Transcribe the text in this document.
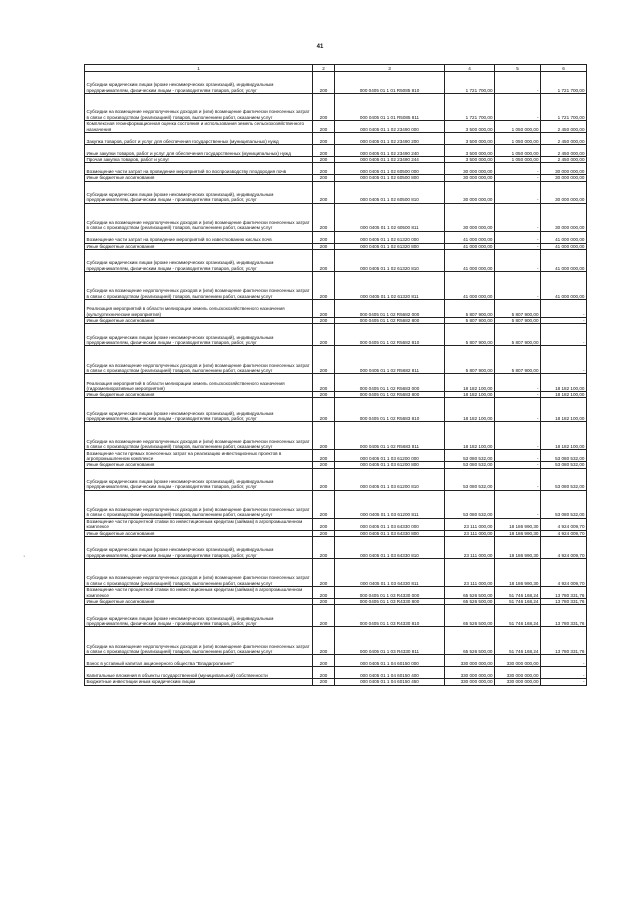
41
1	2	3	4	5	6
Субсидии юридическим лицам (кроме некоммерческих организаций), индивидуальным предпринимателям, физическим лицам - производителям товаров, работ, услуг	200	000 0405 01 1 01 R5085 810	1 721 700,00	-	1 721 700,00
Субсидии на возмещение недополученных доходов и (или) возмещение фактически понесенных затрат в связи с производством (реализацией) товаров, выполнением работ, оказанием услуг	200	000 0405 01 1 01 R5085 811	1 721 700,00	-	1 721 700,00
Комплексная геоинформационная оценка состояния и использования земель сельскохозяйственного назначения	200	000 0405 01 1 02 23490 000	3 500 000,00	1 050 000,00	2 450 000,00
Закупка товаров, работ и услуг для обеспечения государственных (муниципальных) нужд	200	000 0405 01 1 02 23490 200	3 500 000,00	1 050 000,00	2 450 000,00
Иные закупки товаров, работ и услуг для обеспечения государственных (муниципальных) нужд	200	000 0405 01 1 02 23490 240	3 500 000,00	1 050 000,00	2 450 000,00
Прочая закупка товаров, работ и услуг	200	000 0405 01 1 02 23490 244	3 500 000,00	1 050 000,00	2 450 000,00
Возмещение части затрат на проведение мероприятий по воспроизводству плодородия почв	200	000 0405 01 1 02 60500 000	30 000 000,00	-	30 000 000,00
Иные бюджетные ассигнования	200	000 0405 01 1 02 60500 800	30 000 000,00	-	30 000 000,00
Субсидии юридическим лицам (кроме некоммерческих организаций), индивидуальным предпринимателям, физическим лицам - производителям товаров, работ, услуг	200	000 0405 01 1 02 60500 810	30 000 000,00	-	30 000 000,00
Субсидии на возмещение недополученных доходов и (или) возмещение фактически понесенных затрат в связи с производством (реализацией) товаров, выполнением работ, оказанием услуг	200	000 0405 01 1 02 60500 811	30 000 000,00	-	30 000 000,00
Возмещение части затрат на проведение мероприятий по известкованию кислых почв	200	000 0405 01 1 02 61320 000	41 000 000,00	-	41 000 000,00
Иные бюджетные ассигнования	200	000 0405 01 1 02 61320 800	41 000 000,00	-	41 000 000,00
Субсидии юридическим лицам (кроме некоммерческих организаций), индивидуальным предпринимателям, физическим лицам - производителям товаров, работ, услуг	200	000 0405 01 1 02 61320 810	41 000 000,00	-	41 000 000,00
Субсидии на возмещение недополученных доходов и (или) возмещение фактически понесенных затрат в связи с производством (реализацией) товаров, выполнением работ, оказанием услуг	200	000 0405 01 1 02 61320 811	41 000 000,00	-	41 000 000,00
Реализация мероприятий в области мелиорации земель сельскохозяйственного назначения (культуртехнические мероприятия)	200	000 0405 01 1 02 R5682 000	5 807 900,00	5 807 900,00	-
Иные бюджетные ассигнования	200	000 0405 01 1 02 R5682 800	5 807 900,00	5 807 900,00	-
Субсидии юридическим лицам (кроме некоммерческих организаций), индивидуальным предпринимателям, физическим лицам - производителям товаров, работ, услуг	200	000 0405 01 1 02 R5682 810	5 807 900,00	5 807 900,00	-
Субсидии на возмещение недополученных доходов и (или) возмещение фактически понесенных затрат в связи с производством (реализацией) товаров, выполнением работ, оказанием услуг	200	000 0405 01 1 02 R5682 811	5 807 900,00	5 807 900,00	-
Реализация мероприятий в области мелиорации земель сельскохозяйственного назначения (гидромелиоративные мероприятия)	200	000 0405 01 1 02 R5683 000	18 182 100,00	-	18 182 100,00
Иные бюджетные ассигнования	200	000 0405 01 1 02 R5683 800	18 182 100,00	-	18 182 100,00
Субсидии юридическим лицам (кроме некоммерческих организаций), индивидуальным предпринимателям, физическим лицам - производителям товаров, работ, услуг	200	000 0405 01 1 02 R5683 810	18 182 100,00	-	18 182 100,00
Субсидии на возмещение недополученных доходов и (или) возмещение фактически понесенных затрат в связи с производством (реализацией) товаров, выполнением работ, оказанием услуг	200	000 0405 01 1 02 R5683 811	18 182 100,00	-	18 182 100,00
Возмещение части прямых понесенных затрат на реализацию инвестиционных проектов в агропромышленном комплексе	200	000 0405 01 1 03 61200 000	53 080 532,00	-	53 080 532,00
Иные бюджетные ассигнования	200	000 0405 01 1 03 61200 800	53 080 532,00	-	53 080 532,00
Субсидии юридическим лицам (кроме некоммерческих организаций), индивидуальным предпринимателям, физическим лицам - производителям товаров, работ, услуг	200	000 0405 01 1 03 61200 810	53 080 532,00	-	53 080 532,00
Субсидии на возмещение недополученных доходов и (или) возмещение фактически понесенных затрат в связи с производством (реализацией) товаров, выполнением работ, оказанием услуг	200	000 0405 01 1 03 61200 811	53 080 532,00	-	53 080 532,00
Возмещение части процентной ставки по инвестиционным кредитам (займам) в агропромышленном комплексе	200	000 0405 01 1 03 64330 000	23 111 000,00	18 186 990,30	4 924 009,70
Иные бюджетные ассигнования	200	000 0405 01 1 03 64330 800	23 111 000,00	18 186 990,30	4 924 009,70
Субсидии юридическим лицам (кроме некоммерческих организаций), индивидуальным предпринимателям, физическим лицам - производителям товаров, работ, услуг	200	000 0405 01 1 03 64330 810	23 111 000,00	18 186 990,30	4 924 009,70
Субсидии на возмещение недополученных доходов и (или) возмещение фактически понесенных затрат в связи с производством (реализацией) товаров, выполнением работ, оказанием услуг	200	000 0405 01 1 03 64330 811	23 111 000,00	18 186 990,30	4 924 009,70
Возмещение части процентной ставки по инвестиционным кредитам (займам) в агропромышленном комплексе	200	000 0405 01 1 03 R4330 000	65 526 500,00	51 746 168,24	13 780 331,76
Иные бюджетные ассигнования	200	000 0405 01 1 03 R4330 800	65 526 500,00	51 746 168,24	13 780 331,76
Субсидии юридическим лицам (кроме некоммерческих организаций), индивидуальным предпринимателям, физическим лицам - производителям товаров, работ, услуг	200	000 0405 01 1 03 R4330 810	65 526 500,00	51 746 168,24	13 780 331,76
Субсидии на возмещение недополученных доходов и (или) возмещение фактически понесенных затрат в связи с производством (реализацией) товаров, выполнением работ, оказанием услуг	200	000 0405 01 1 03 R4330 811	65 526 500,00	51 746 168,24	13 780 331,76
Взнос в уставный капитал акционерного общества "Владагролизинг"	200	000 0405 01 1 04 60150 000	330 000 000,00	330 000 000,00	-
Капитальные вложения в объекты государственной (муниципальной) собственности	200	000 0405 01 1 04 60150 400	330 000 000,00	330 000 000,00	-
Бюджетные инвестиции иным юридическим лицам	200	000 0405 01 1 04 60150 450	330 000 000,00	330 000 000,00	-
·
